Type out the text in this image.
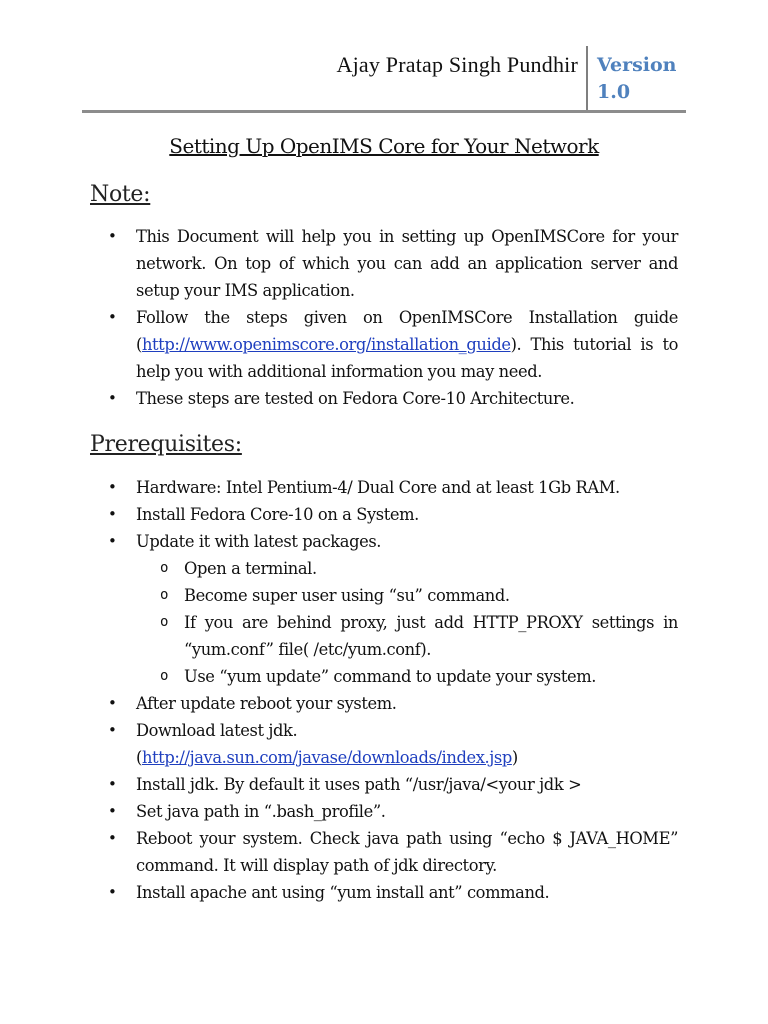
Ajay Pratap Singh Pundhir Version
1.0
Setting Up OpenIMS Core for Your Network
Note:
• This Document will help you in setting up OpenIMSCore for your network. On top of which you can add an application server and setup your IMS application.
• Follow the steps given on OpenIMSCore Installation guide (http://www.openimscore.org/installation_guide). This tutorial is to help you with additional information you may need.
• These steps are tested on Fedora Core-10 Architecture.
Prerequisites:
• Hardware: Intel Pentium-4/ Dual Core and at least 1Gb RAM.
• Install Fedora Core-10 on a System.
• Update it with latest packages.
o Open a terminal.
o Become super user using “su” command.
o If you are behind proxy, just add HTTP_PROXY settings in “yum.conf” file( /etc/yum.conf).
o Use “yum update” command to update your system.
• After update reboot your system.
• Download latest jdk. (http://java.sun.com/javase/downloads/index.jsp)
• Install jdk. By default it uses path “/usr/java/<your jdk >
• Set java path in “.bash_profile”.
• Reboot your system. Check java path using “echo $ JAVA_HOME” command. It will display path of jdk directory.
• Install apache ant using “yum install ant” command.
